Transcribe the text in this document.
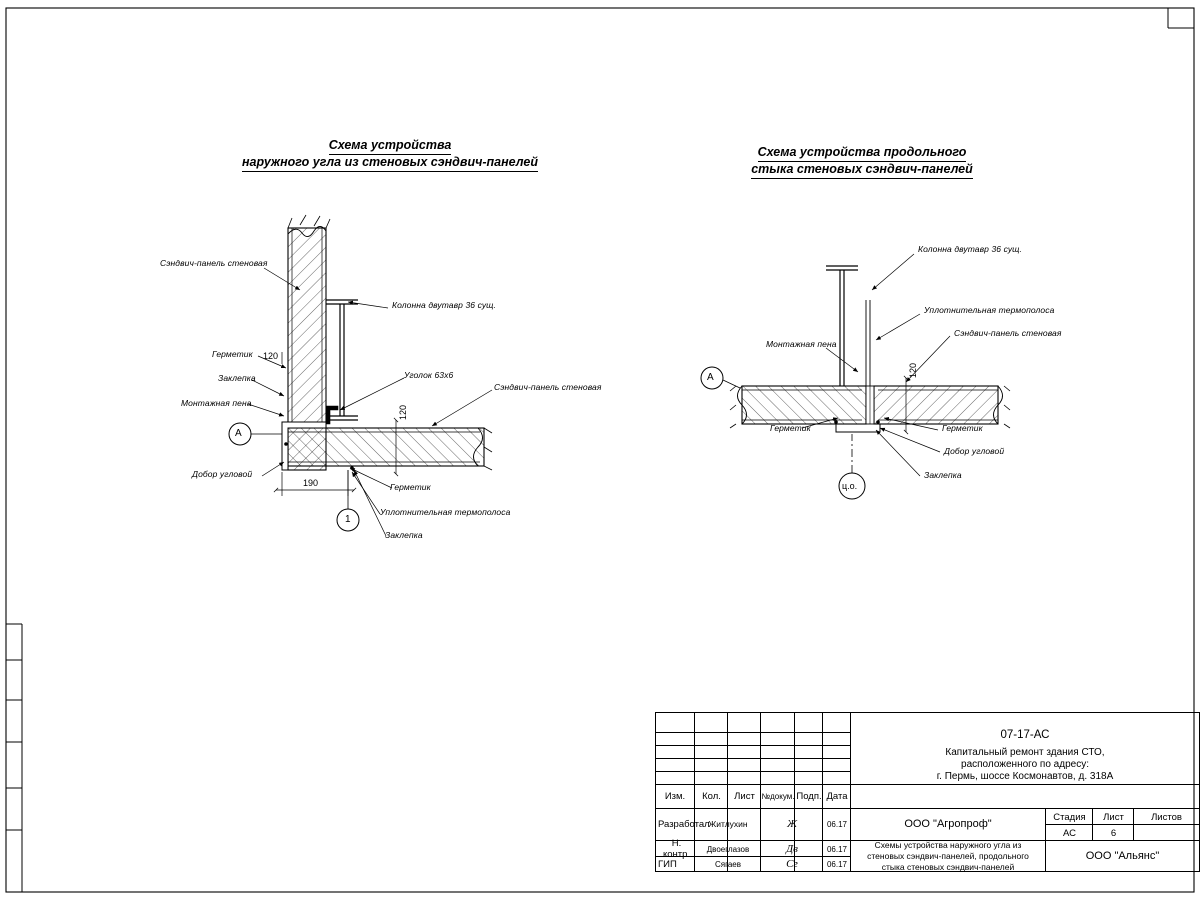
Схема устройства
наружного угла из стеновых сэндвич-панелей
Схема устройства продольного
стыка стеновых сэндвич-панелей
Сэндвич-панель стеновая
Колонна двутавр 36 сущ.
Уголок 63х6
Сэндвич-панель стеновая
Герметик
Заклепка
Монтажная пена
Добор угловой
Герметик
Уплотнительная термополоса
Заклепка
120
120
190
А
1
Колонна двутавр 36 сущ.
Уплотнительная термополоса
Сэндвич-панель стеновая
Монтажная пена
Герметик	Герметик
Добор угловой
Заклепка
120
А
ц.о.
07-17-АС
Капитальный ремонт здания СТО,
расположенного по адресу:
г. Пермь, шоссе Космонавтов, д. 318А
Изм.	Кол.	Лист №докум. Подп. Дата
Разработал
Житлухин	Ж	06.17
Н. контр.	Двоеглазов	Дв	06.17
ГИП	Сягаев	Сг	06.17
ООО "Агропроф"
Схемы устройства наружного угла из
стеновых сэндвич-панелей, продольного
стыка стеновых сэндвич-панелей
Стадия	Лист	Листов
АС	6
ООО "Альянс"
